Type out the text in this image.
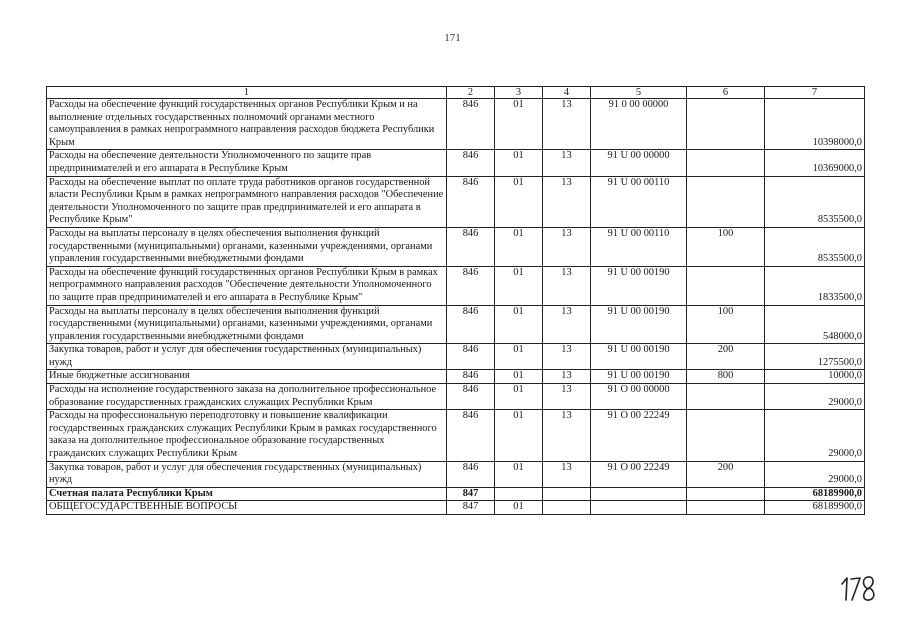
171
1	2	3	4	5	6	7
Расходы на обеспечение функций государственных органов Республики Крым и на выполнение отдельных государственных полномочий органами местного самоуправления в рамках непрограммного направления расходов бюджета Республики Крым	846	01	13	91 0 00 00000		10398000,0
Расходы на обеспечение деятельности Уполномоченного по защите прав предпринимателей и его аппарата в Республике Крым	846	01	13	91 U 00 00000		10369000,0
Расходы на обеспечение выплат по оплате труда работников органов государственной власти Республики Крым в рамках непрограммного направления расходов "Обеспечение деятельности Уполномоченного по защите прав предпринимателей и его аппарата в Республике Крым"	846	01	13	91 U 00 00110		8535500,0
Расходы на выплаты персоналу в целях обеспечения выполнения функций государственными (муниципальными) органами, казенными учреждениями, органами управления государственными внебюджетными фондами	846	01	13	91 U 00 00110	100	8535500,0
Расходы на обеспечение функций государственных органов Республики Крым в рамках непрограммного направления расходов "Обеспечение деятельности Уполномоченного по защите прав предпринимателей и его аппарата в Республике Крым"	846	01	13	91 U 00 00190		1833500,0
Расходы на выплаты персоналу в целях обеспечения выполнения функций государственными (муниципальными) органами, казенными учреждениями, органами управления государственными внебюджетными фондами	846	01	13	91 U 00 00190	100	548000,0
Закупка товаров, работ и услуг для обеспечения государственных (муниципальных) нужд	846	01	13	91 U 00 00190	200	1275500,0
Иные бюджетные ассигнования	846	01	13	91 U 00 00190	800	10000,0
Расходы на исполнение государственного заказа на дополнительное профессиональное образование государственных гражданских служащих Республики Крым	846	01	13	91 О 00 00000		29000,0
Расходы на профессиональную переподготовку и повышение квалификации государственных гражданских служащих Республики Крым в рамках государственного заказа на дополнительное профессиональное образование государственных гражданских служащих Республики Крым	846	01	13	91 О 00 22249		29000,0
Закупка товаров, работ и услуг для обеспечения государственных (муниципальных) нужд	846	01	13	91 О 00 22249	200	29000,0
Счетная палата Республики Крым	847					68189900,0
ОБЩЕГОСУДАРСТВЕННЫЕ ВОПРОСЫ	847	01				68189900,0
